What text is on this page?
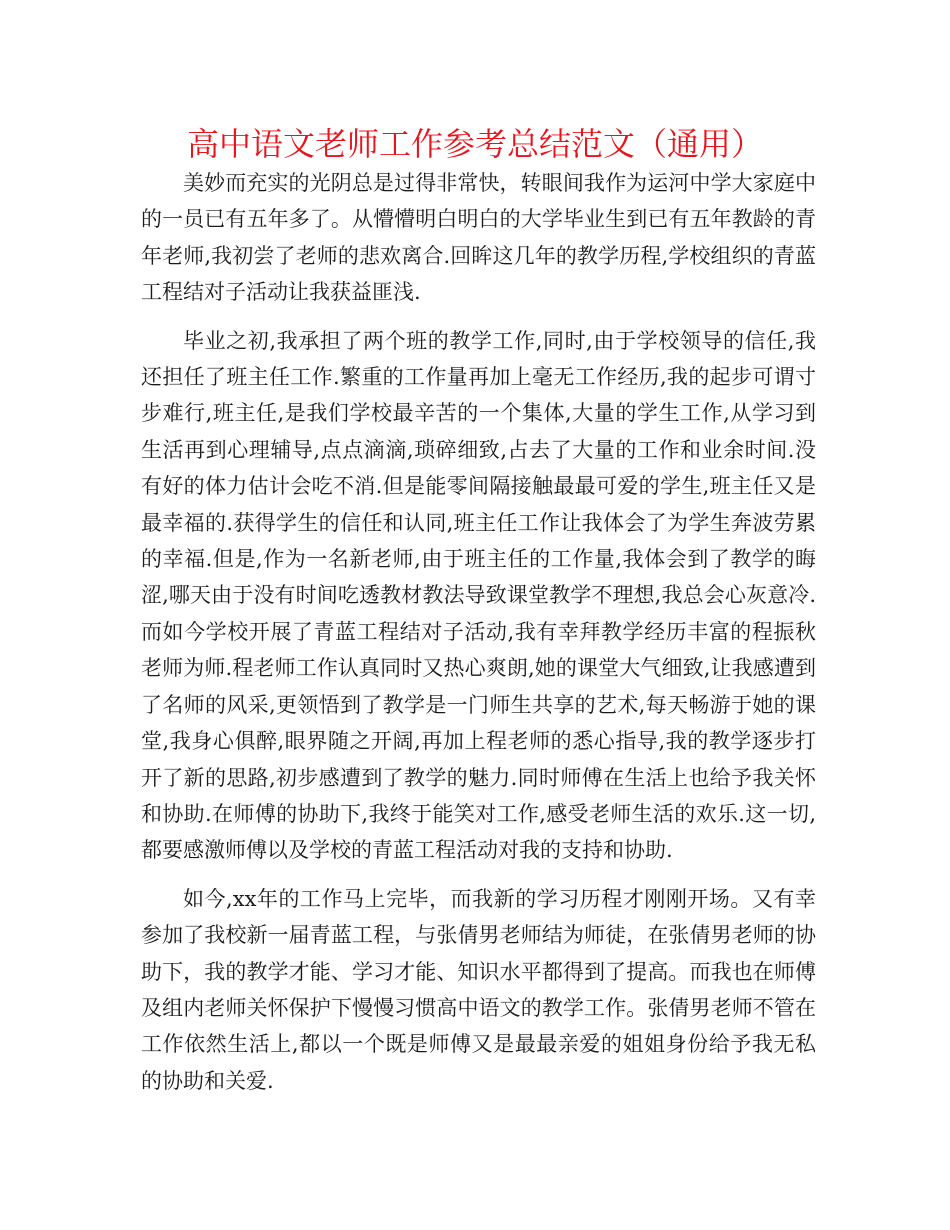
高中语文老师工作参考总结范文（通用）

美妙而充实的光阴总是过得非常快，转眼间我作为运河中学大家庭中的一员已有五年多了。从懵懵明白明白的大学毕业生到已有五年教龄的青年老师,我初尝了老师的悲欢离合.回眸这几年的教学历程,学校组织的青蓝工程结对子活动让我获益匪浅.

毕业之初,我承担了两个班的教学工作,同时,由于学校领导的信任,我还担任了班主任工作.繁重的工作量再加上毫无工作经历,我的起步可谓寸步难行,班主任,是我们学校最辛苦的一个集体,大量的学生工作,从学习到生活再到心理辅导,点点滴滴,琐碎细致,占去了大量的工作和业余时间.没有好的体力估计会吃不消.但是能零间隔接触最最可爱的学生,班主任又是最幸福的.获得学生的信任和认同,班主任工作让我体会了为学生奔波劳累的幸福.但是,作为一名新老师,由于班主任的工作量,我体会到了教学的晦涩,哪天由于没有时间吃透教材教法导致课堂教学不理想,我总会心灰意冷.而如今学校开展了青蓝工程结对子活动,我有幸拜教学经历丰富的程振秋老师为师.程老师工作认真同时又热心爽朗,她的课堂大气细致,让我感遭到了名师的风采,更领悟到了教学是一门师生共享的艺术,每天畅游于她的课堂,我身心俱醉,眼界随之开阔,再加上程老师的悉心指导,我的教学逐步打开了新的思路,初步感遭到了教学的魅力.同时师傅在生活上也给予我关怀和协助.在师傅的协助下,我终于能笑对工作,感受老师生活的欢乐.这一切,都要感激师傅以及学校的青蓝工程活动对我的支持和协助.

如今,xx年的工作马上完毕，而我新的学习历程才刚刚开场。又有幸参加了我校新一届青蓝工程，与张倩男老师结为师徒，在张倩男老师的协助下，我的教学才能、学习才能、知识水平都得到了提高。而我也在师傅及组内老师关怀保护下慢慢习惯高中语文的教学工作。张倩男老师不管在工作依然生活上,都以一个既是师傅又是最最亲爱的姐姐身份给予我无私的协助和关爱.
